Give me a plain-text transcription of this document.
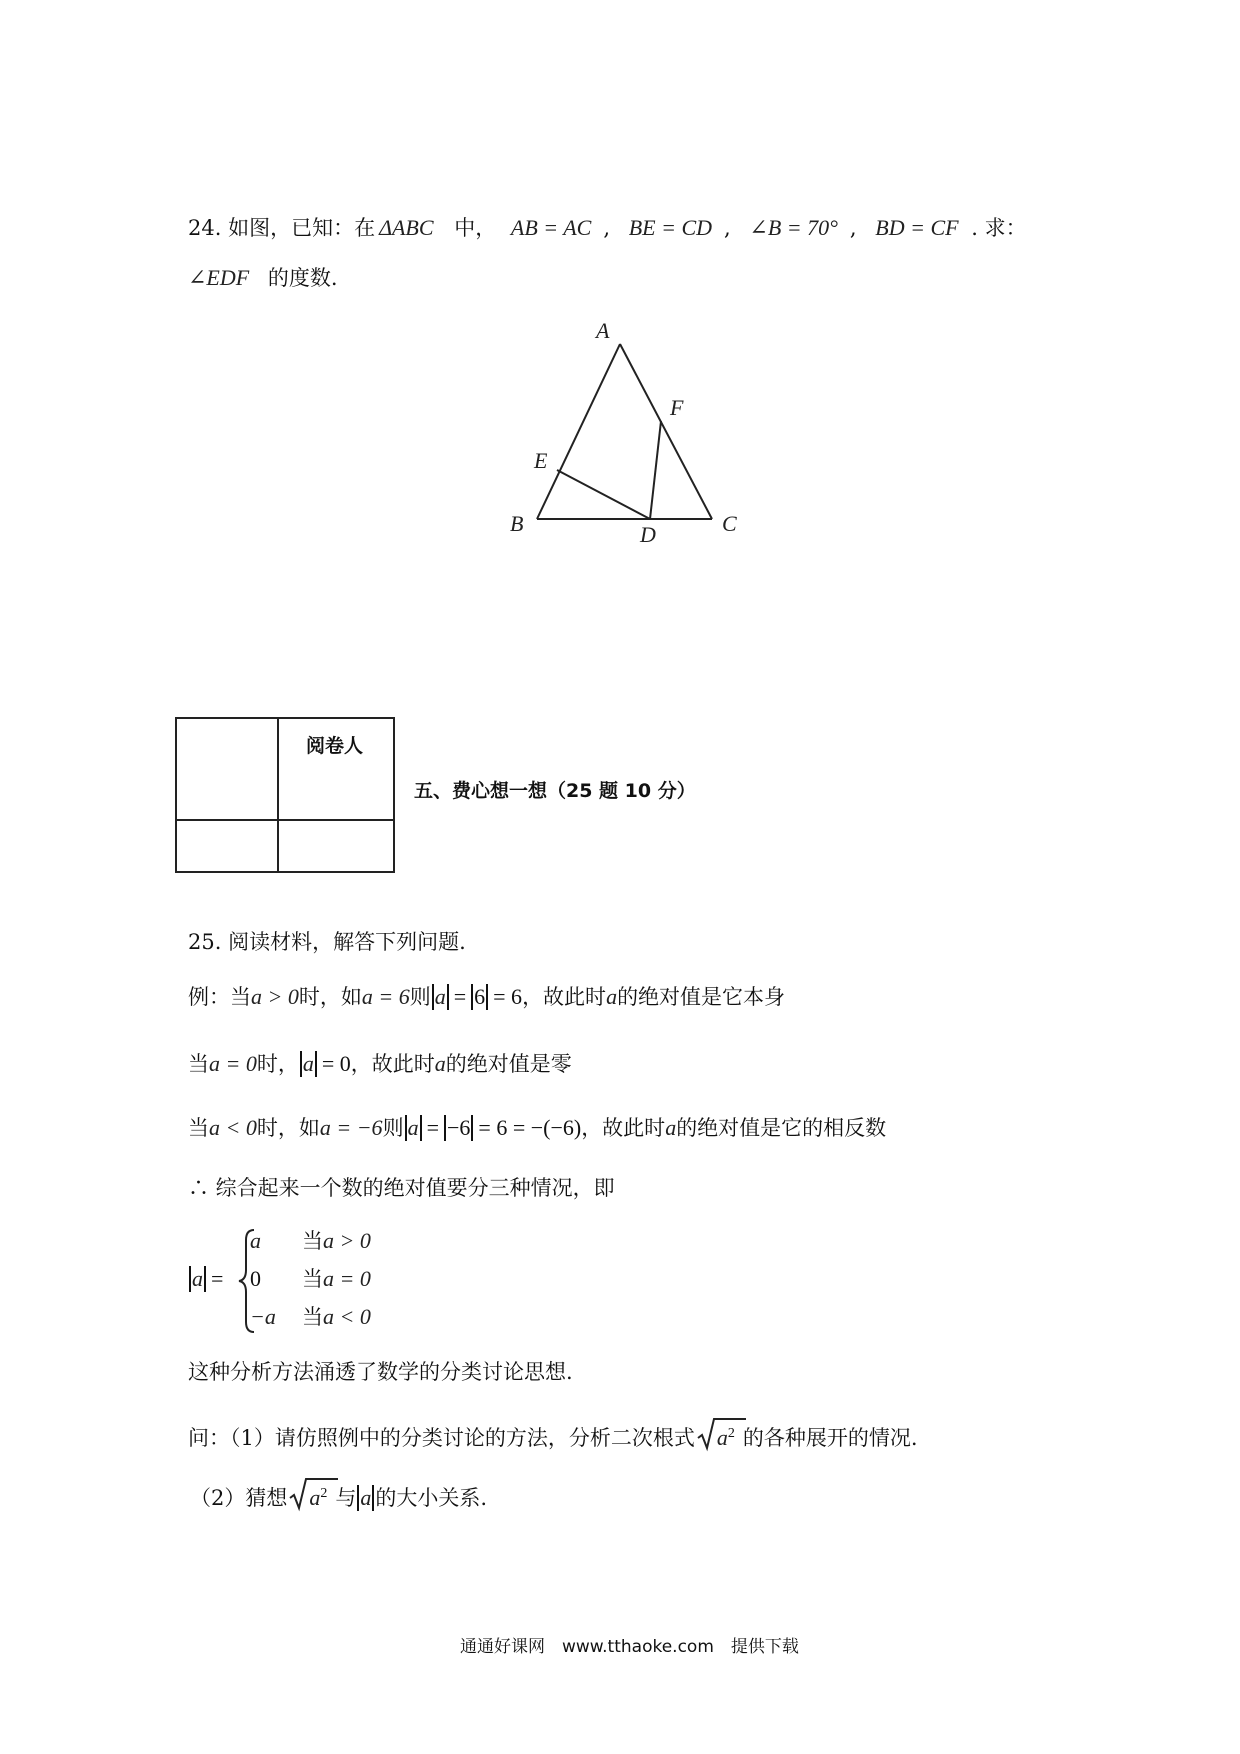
24. 如图，已知：在 ΔABC 中， AB = AC , BE = CD , ∠B = 70° , BD = CF . 求：
∠EDF 的度数.
A
F
E
B	D	C

	阅卷人

五、费心想一想（25 题 10 分）
25. 阅读材料，解答下列问题.
例：当a > 0时，如a = 6则 a = 6 = 6，故此时a的绝对值是它本身
当a = 0时， a = 0，故此时a的绝对值是零
当a < 0时，如a = −6则 a = −6 = 6 = −(−6)，故此时a的绝对值是它的相反数
∴ 综合起来一个数的绝对值要分三种情况，即
a =
a 当a > 0
0 当a = 0
−a 当a < 0
这种分析方法涌透了数学的分类讨论思想.
问：（1）请仿照例中的分类讨论的方法，分析二次根式 $a^2$ 的各种展开的情况.
（2）猜想 $a^2$ 与 a 的大小关系.
通通好课网　www.tthaoke.com　提供下载
